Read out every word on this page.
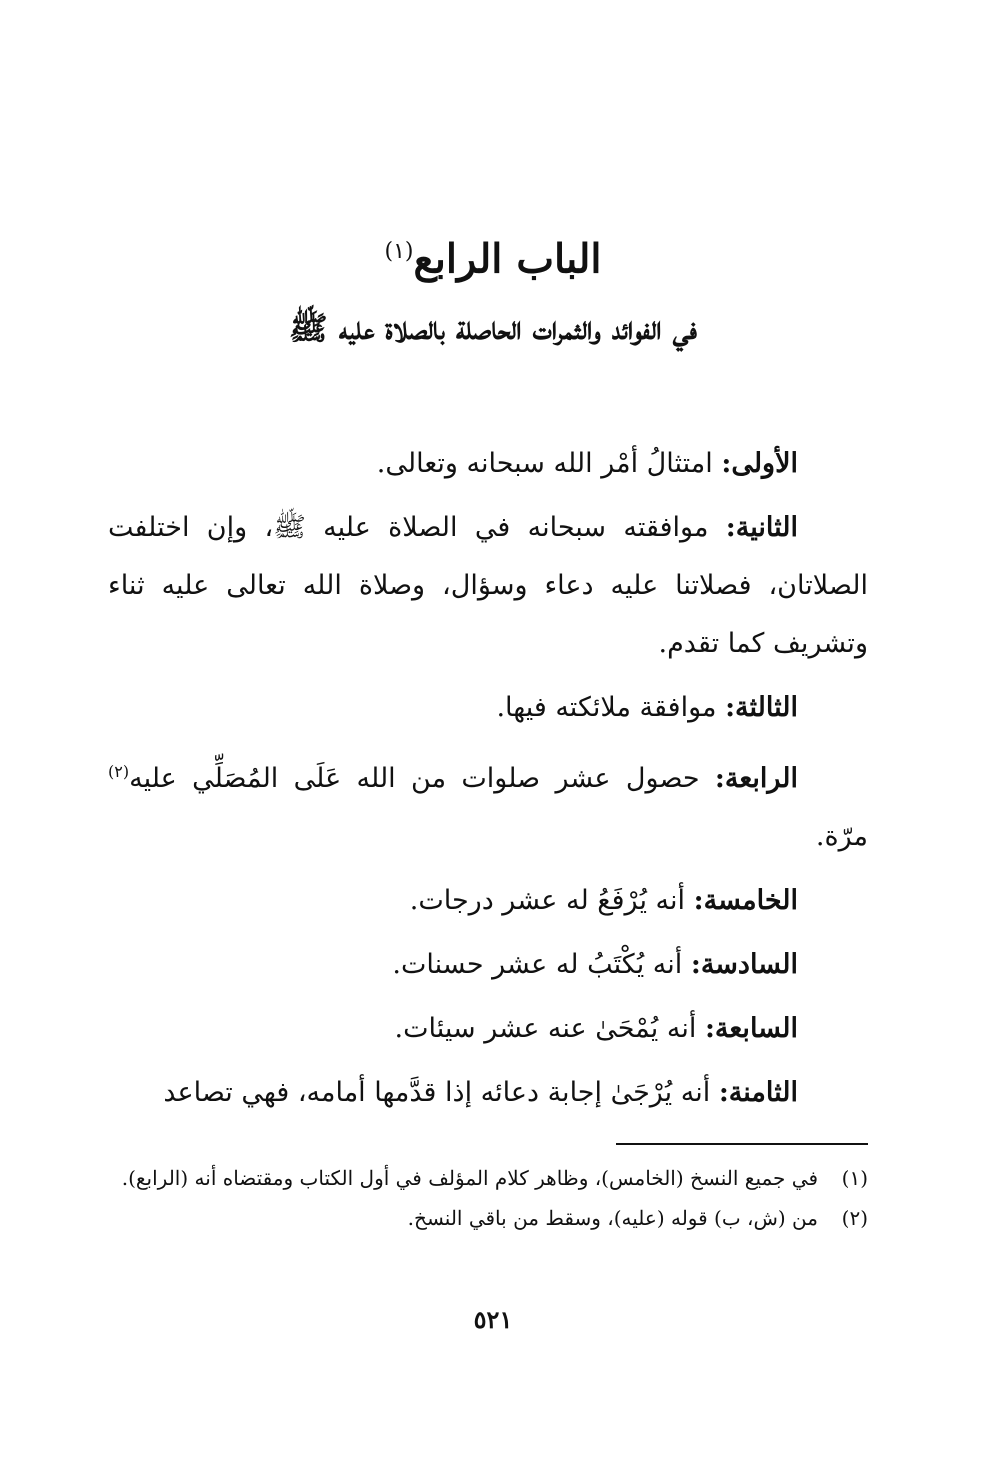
الباب الرابع$^{(١)}$
في الفوائد والثمرات الحاصلة بالصلاة عليه ﷺ

الأولى: امتثالُ أمْر الله سبحانه وتعالى.

الثانية: موافقته سبحانه في الصلاة عليه ﷺ، وإن اختلفت الصلاتان، فصلاتنا عليه دعاء وسؤال، وصلاة الله تعالى عليه ثناء وتشريف كما تقدم.

الثالثة: موافقة ملائكته فيها.

الرابعة: حصول عشر صلوات من الله عَلَى المُصَلِّي عليه$^{(٢)}$ مرّة.

الخامسة: أنه يُرْفَعُ له عشر درجات.

السادسة: أنه يُكْتَبُ له عشر حسنات.

السابعة: أنه يُمْحَىٰ عنه عشر سيئات.

الثامنة: أنه يُرْجَىٰ إجابة دعائه إذا قدَّمها أمامه، فهي تصاعد

(١)في جميع النسخ (الخامس)، وظاهر كلام المؤلف في أول الكتاب ومقتضاه أنه (الرابع).

(٢)من (ش، ب) قوله (عليه)، وسقط من باقي النسخ.

٥٢١
